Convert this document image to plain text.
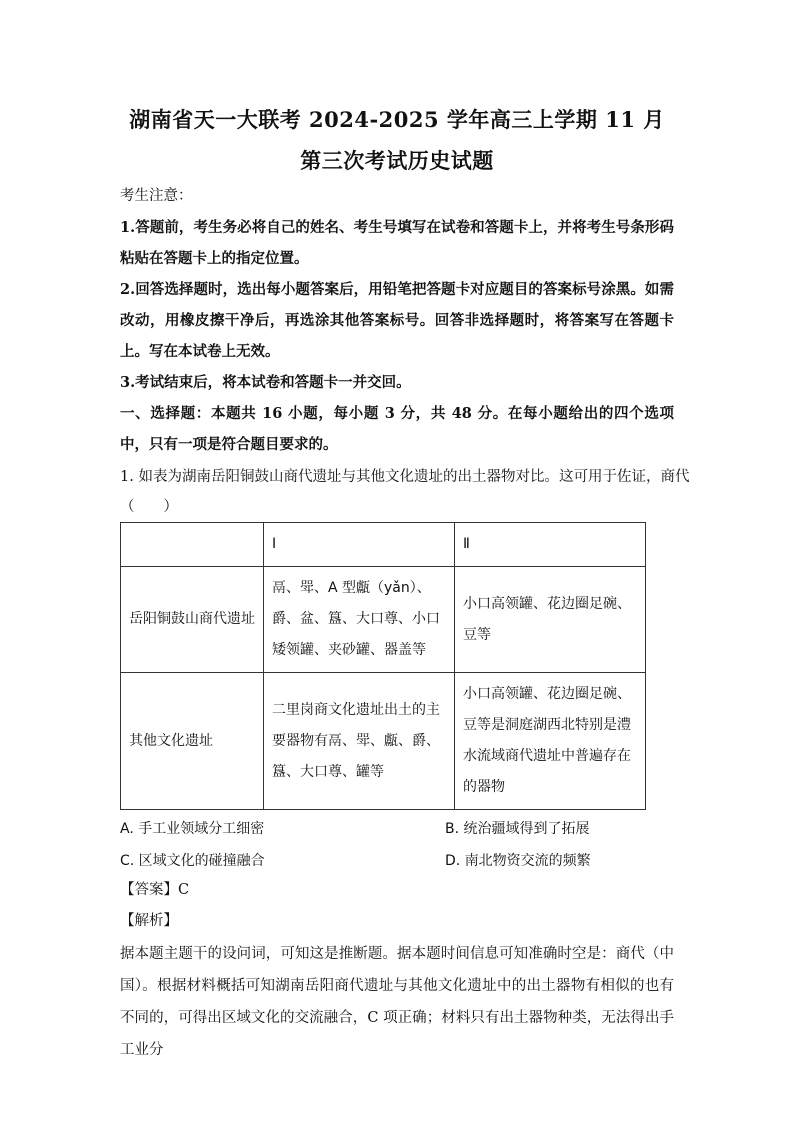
湖南省天一大联考 2024-2025 学年高三上学期 11 月
第三次考试历史试题
考生注意：
1.答题前，考生务必将自己的姓名、考生号填写在试卷和答题卡上，并将考生号条形码粘贴在答题卡上的指定位置。
2.回答选择题时，选出每小题答案后，用铅笔把答题卡对应题目的答案标号涂黑。如需改动，用橡皮擦干净后，再选涂其他答案标号。回答非选择题时，将答案写在答题卡上。写在本试卷上无效。
3.考试结束后，将本试卷和答题卡一并交回。
一、选择题：本题共 16 小题，每小题 3 分，共 48 分。在每小题给出的四个选项中，只有一项是符合题目要求的。
1. 如表为湖南岳阳铜鼓山商代遗址与其他文化遗址的出土器物对比。这可用于佐证，商代
（　　）
	Ⅰ	Ⅱ
岳阳铜鼓山商代遗址	鬲、斝、A 型甗（yǎn）、爵、盆、簋、大口尊、小口矮领罐、夹砂罐、器盖等	小口高领罐、花边圈足碗、豆等
其他文化遗址	二里岗商文化遗址出土的主要器物有鬲、斝、甗、爵、簋、大口尊、罐等	小口高领罐、花边圈足碗、豆等是洞庭湖西北特别是澧水流域商代遗址中普遍存在的器物
A. 手工业领域分工细密	B. 统治疆域得到了拓展
C. 区域文化的碰撞融合	D. 南北物资交流的频繁
【答案】C
【解析】
据本题主题干的设问词，可知这是推断题。据本题时间信息可知准确时空是：商代（中国）。根据材料概括可知湖南岳阳商代遗址与其他文化遗址中的出土器物有相似的也有不同的，可得出区域文化的交流融合，C 项正确；材料只有出土器物种类，无法得出手工业分
